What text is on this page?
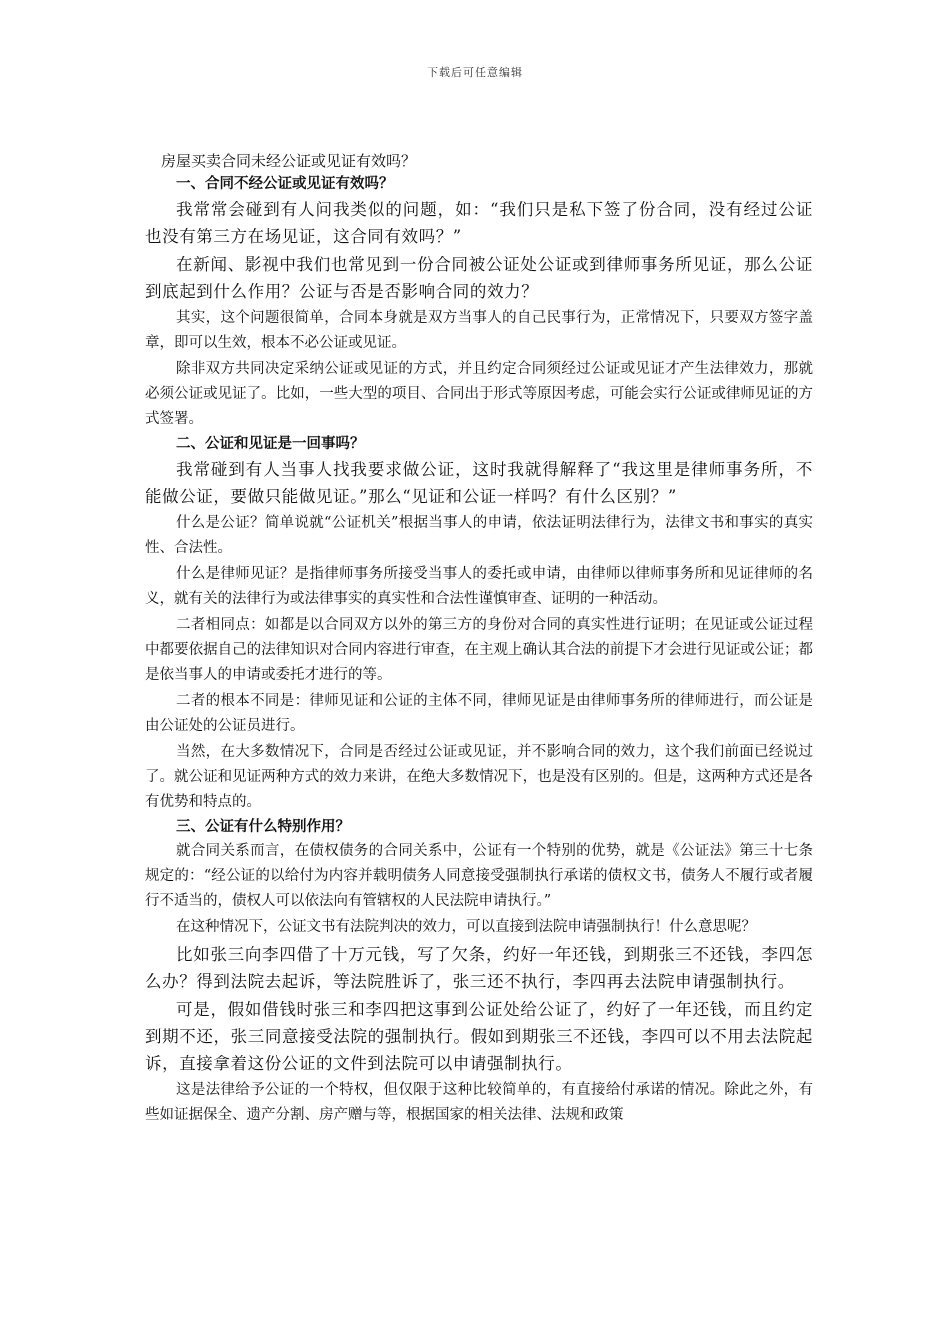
下载后可任意编辑
房屋买卖合同未经公证或见证有效吗？
一、合同不经公证或见证有效吗？

我常常会碰到有人问我类似的问题，如：“我们只是私下签了份合同，没有经过公证也没有第三方在场见证，这合同有效吗？”

在新闻、影视中我们也常见到一份合同被公证处公证或到律师事务所见证，那么公证到底起到什么作用？公证与否是否影响合同的效力？

其实，这个问题很简单，合同本身就是双方当事人的自己民事行为，正常情况下，只要双方签字盖章，即可以生效，根本不必公证或见证。

除非双方共同决定采纳公证或见证的方式，并且约定合同须经过公证或见证才产生法律效力，那就必须公证或见证了。比如，一些大型的项目、合同出于形式等原因考虑，可能会实行公证或律师见证的方式签署。

二、公证和见证是一回事吗？

我常碰到有人当事人找我要求做公证，这时我就得解释了“我这里是律师事务所，不能做公证，要做只能做见证。”那么“见证和公证一样吗？有什么区别？”

什么是公证？简单说就“公证机关”根据当事人的申请，依法证明法律行为，法律文书和事实的真实性、合法性。

什么是律师见证？是指律师事务所接受当事人的委托或申请，由律师以律师事务所和见证律师的名义，就有关的法律行为或法律事实的真实性和合法性谨慎审查、证明的一种活动。

二者相同点：如都是以合同双方以外的第三方的身份对合同的真实性进行证明；在见证或公证过程中都要依据自己的法律知识对合同内容进行审查，在主观上确认其合法的前提下才会进行见证或公证；都是依当事人的申请或委托才进行的等。

二者的根本不同是：律师见证和公证的主体不同，律师见证是由律师事务所的律师进行，而公证是由公证处的公证员进行。

当然，在大多数情况下，合同是否经过公证或见证，并不影响合同的效力，这个我们前面已经说过了。就公证和见证两种方式的效力来讲，在绝大多数情况下，也是没有区别的。但是，这两种方式还是各有优势和特点的。

三、公证有什么特别作用？

就合同关系而言，在债权债务的合同关系中，公证有一个特别的优势，就是《公证法》第三十七条规定的：“经公证的以给付为内容并载明债务人同意接受强制执行承诺的债权文书，债务人不履行或者履行不适当的，债权人可以依法向有管辖权的人民法院申请执行。”

在这种情况下，公证文书有法院判决的效力，可以直接到法院申请强制执行！什么意思呢？

比如张三向李四借了十万元钱，写了欠条，约好一年还钱，到期张三不还钱，李四怎么办？得到法院去起诉，等法院胜诉了，张三还不执行，李四再去法院申请强制执行。

可是，假如借钱时张三和李四把这事到公证处给公证了，约好了一年还钱，而且约定到期不还，张三同意接受法院的强制执行。假如到期张三不还钱，李四可以不用去法院起诉，直接拿着这份公证的文件到法院可以申请强制执行。

这是法律给予公证的一个特权，但仅限于这种比较简单的，有直接给付承诺的情况。除此之外，有些如证据保全、遗产分割、房产赠与等，根据国家的相关法律、法规和政策
